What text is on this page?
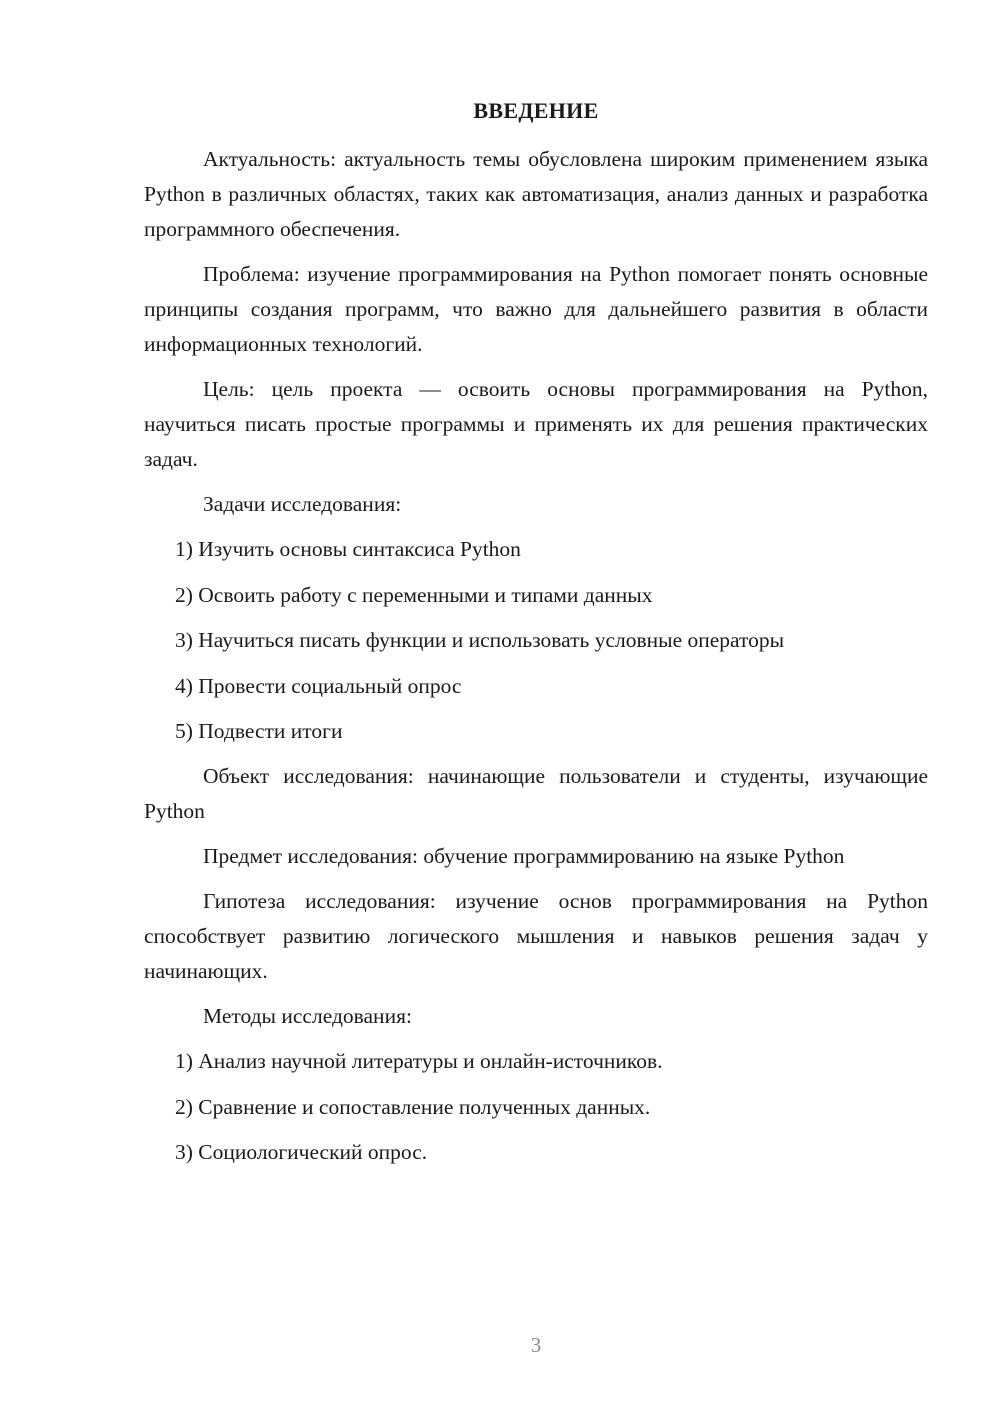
ВВЕДЕНИЕ

Актуальность: актуальность темы обусловлена широким применением языка Python в различных областях, таких как автоматизация, анализ данных и разработка программного обеспечения.

Проблема: изучение программирования на Python помогает понять основные принципы создания программ, что важно для дальнейшего развития в области информационных технологий.

Цель: цель проекта — освоить основы программирования на Python, научиться писать простые программы и применять их для решения практических задач.

Задачи исследования:

1) Изучить основы синтаксиса Python
2) Освоить работу с переменными и типами данных
3) Научиться писать функции и использовать условные операторы
4) Провести социальный опрос
5) Подвести итоги

Объект исследования: начинающие пользователи и студенты, изучающие Python

Предмет исследования: обучение программированию на языке Python

Гипотеза исследования: изучение основ программирования на Python способствует развитию логического мышления и навыков решения задач у начинающих.

Методы исследования:

1) Анализ научной литературы и онлайн-источников.
2) Сравнение и сопоставление полученных данных.
3) Социологический опрос.
3
